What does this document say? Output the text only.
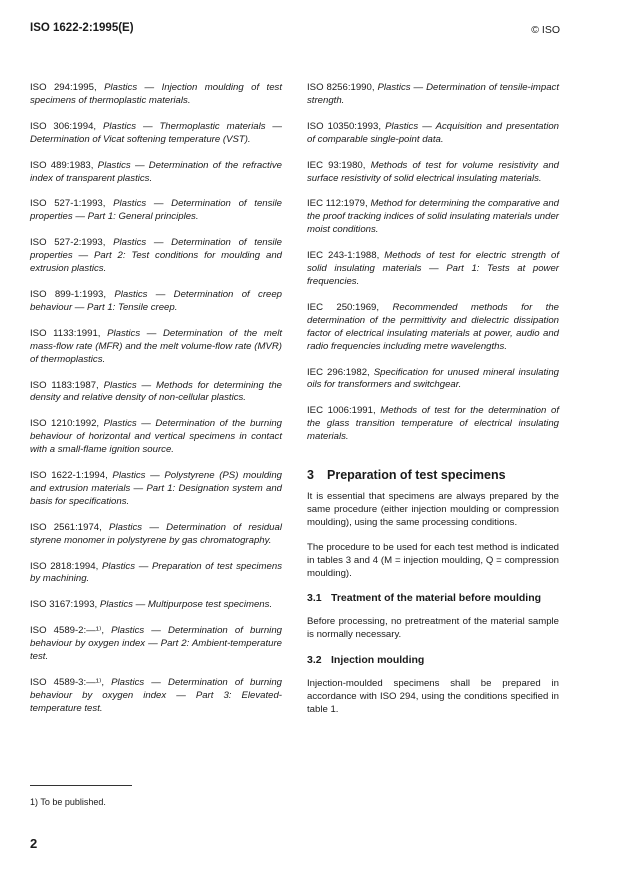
ISO 1622-2:1995(E)	© ISO

ISO 294:1995, Plastics — Injection moulding of test specimens of thermoplastic materials.

ISO 306:1994, Plastics — Thermoplastic materials — Determination of Vicat softening temperature (VST).

ISO 489:1983, Plastics — Determination of the refractive index of transparent plastics.

ISO 527-1:1993, Plastics — Determination of tensile properties — Part 1: General principles.

ISO 527-2:1993, Plastics — Determination of tensile properties — Part 2: Test conditions for moulding and extrusion plastics.

ISO 899-1:1993, Plastics — Determination of creep behaviour — Part 1: Tensile creep.

ISO 1133:1991, Plastics — Determination of the melt mass-flow rate (MFR) and the melt volume-flow rate (MVR) of thermoplastics.

ISO 1183:1987, Plastics — Methods for determining the density and relative density of non-cellular plastics.

ISO 1210:1992, Plastics — Determination of the burning behaviour of horizontal and vertical specimens in contact with a small-flame ignition source.

ISO 1622-1:1994, Plastics — Polystyrene (PS) moulding and extrusion materials — Part 1: Designation system and basis for specifications.

ISO 2561:1974, Plastics — Determination of residual styrene monomer in polystyrene by gas chromatography.

ISO 2818:1994, Plastics — Preparation of test specimens by machining.

ISO 3167:1993, Plastics — Multipurpose test specimens.

ISO 4589-2:—¹⁾, Plastics — Determination of burning behaviour by oxygen index — Part 2: Ambient-temperature test.

ISO 4589-3:—¹⁾, Plastics — Determination of burning behaviour by oxygen index — Part 3: Elevated-temperature test.

ISO 8256:1990, Plastics — Determination of tensile-impact strength.

ISO 10350:1993, Plastics — Acquisition and presentation of comparable single-point data.

IEC 93:1980, Methods of test for volume resistivity and surface resistivity of solid electrical insulating materials.

IEC 112:1979, Method for determining the comparative and the proof tracking indices of solid insulating materials under moist conditions.

IEC 243-1:1988, Methods of test for electric strength of solid insulating materials — Part 1: Tests at power frequencies.

IEC 250:1969, Recommended methods for the determination of the permittivity and dielectric dissipation factor of electrical insulating materials at power, audio and radio frequencies including metre wavelengths.

IEC 296:1982, Specification for unused mineral insulating oils for transformers and switchgear.

IEC 1006:1991, Methods of test for the determination of the glass transition temperature of electrical insulating materials.

3 Preparation of test specimens

It is essential that specimens are always prepared by the same procedure (either injection moulding or compression moulding), using the same processing conditions.

The procedure to be used for each test method is indicated in tables 3 and 4 (M = injection moulding, Q = compression moulding).

3.1 Treatment of the material before moulding

Before processing, no pretreatment of the material sample is normally necessary.

3.2 Injection moulding

Injection-moulded specimens shall be prepared in accordance with ISO 294, using the conditions specified in table 1.

1) To be published.
2
